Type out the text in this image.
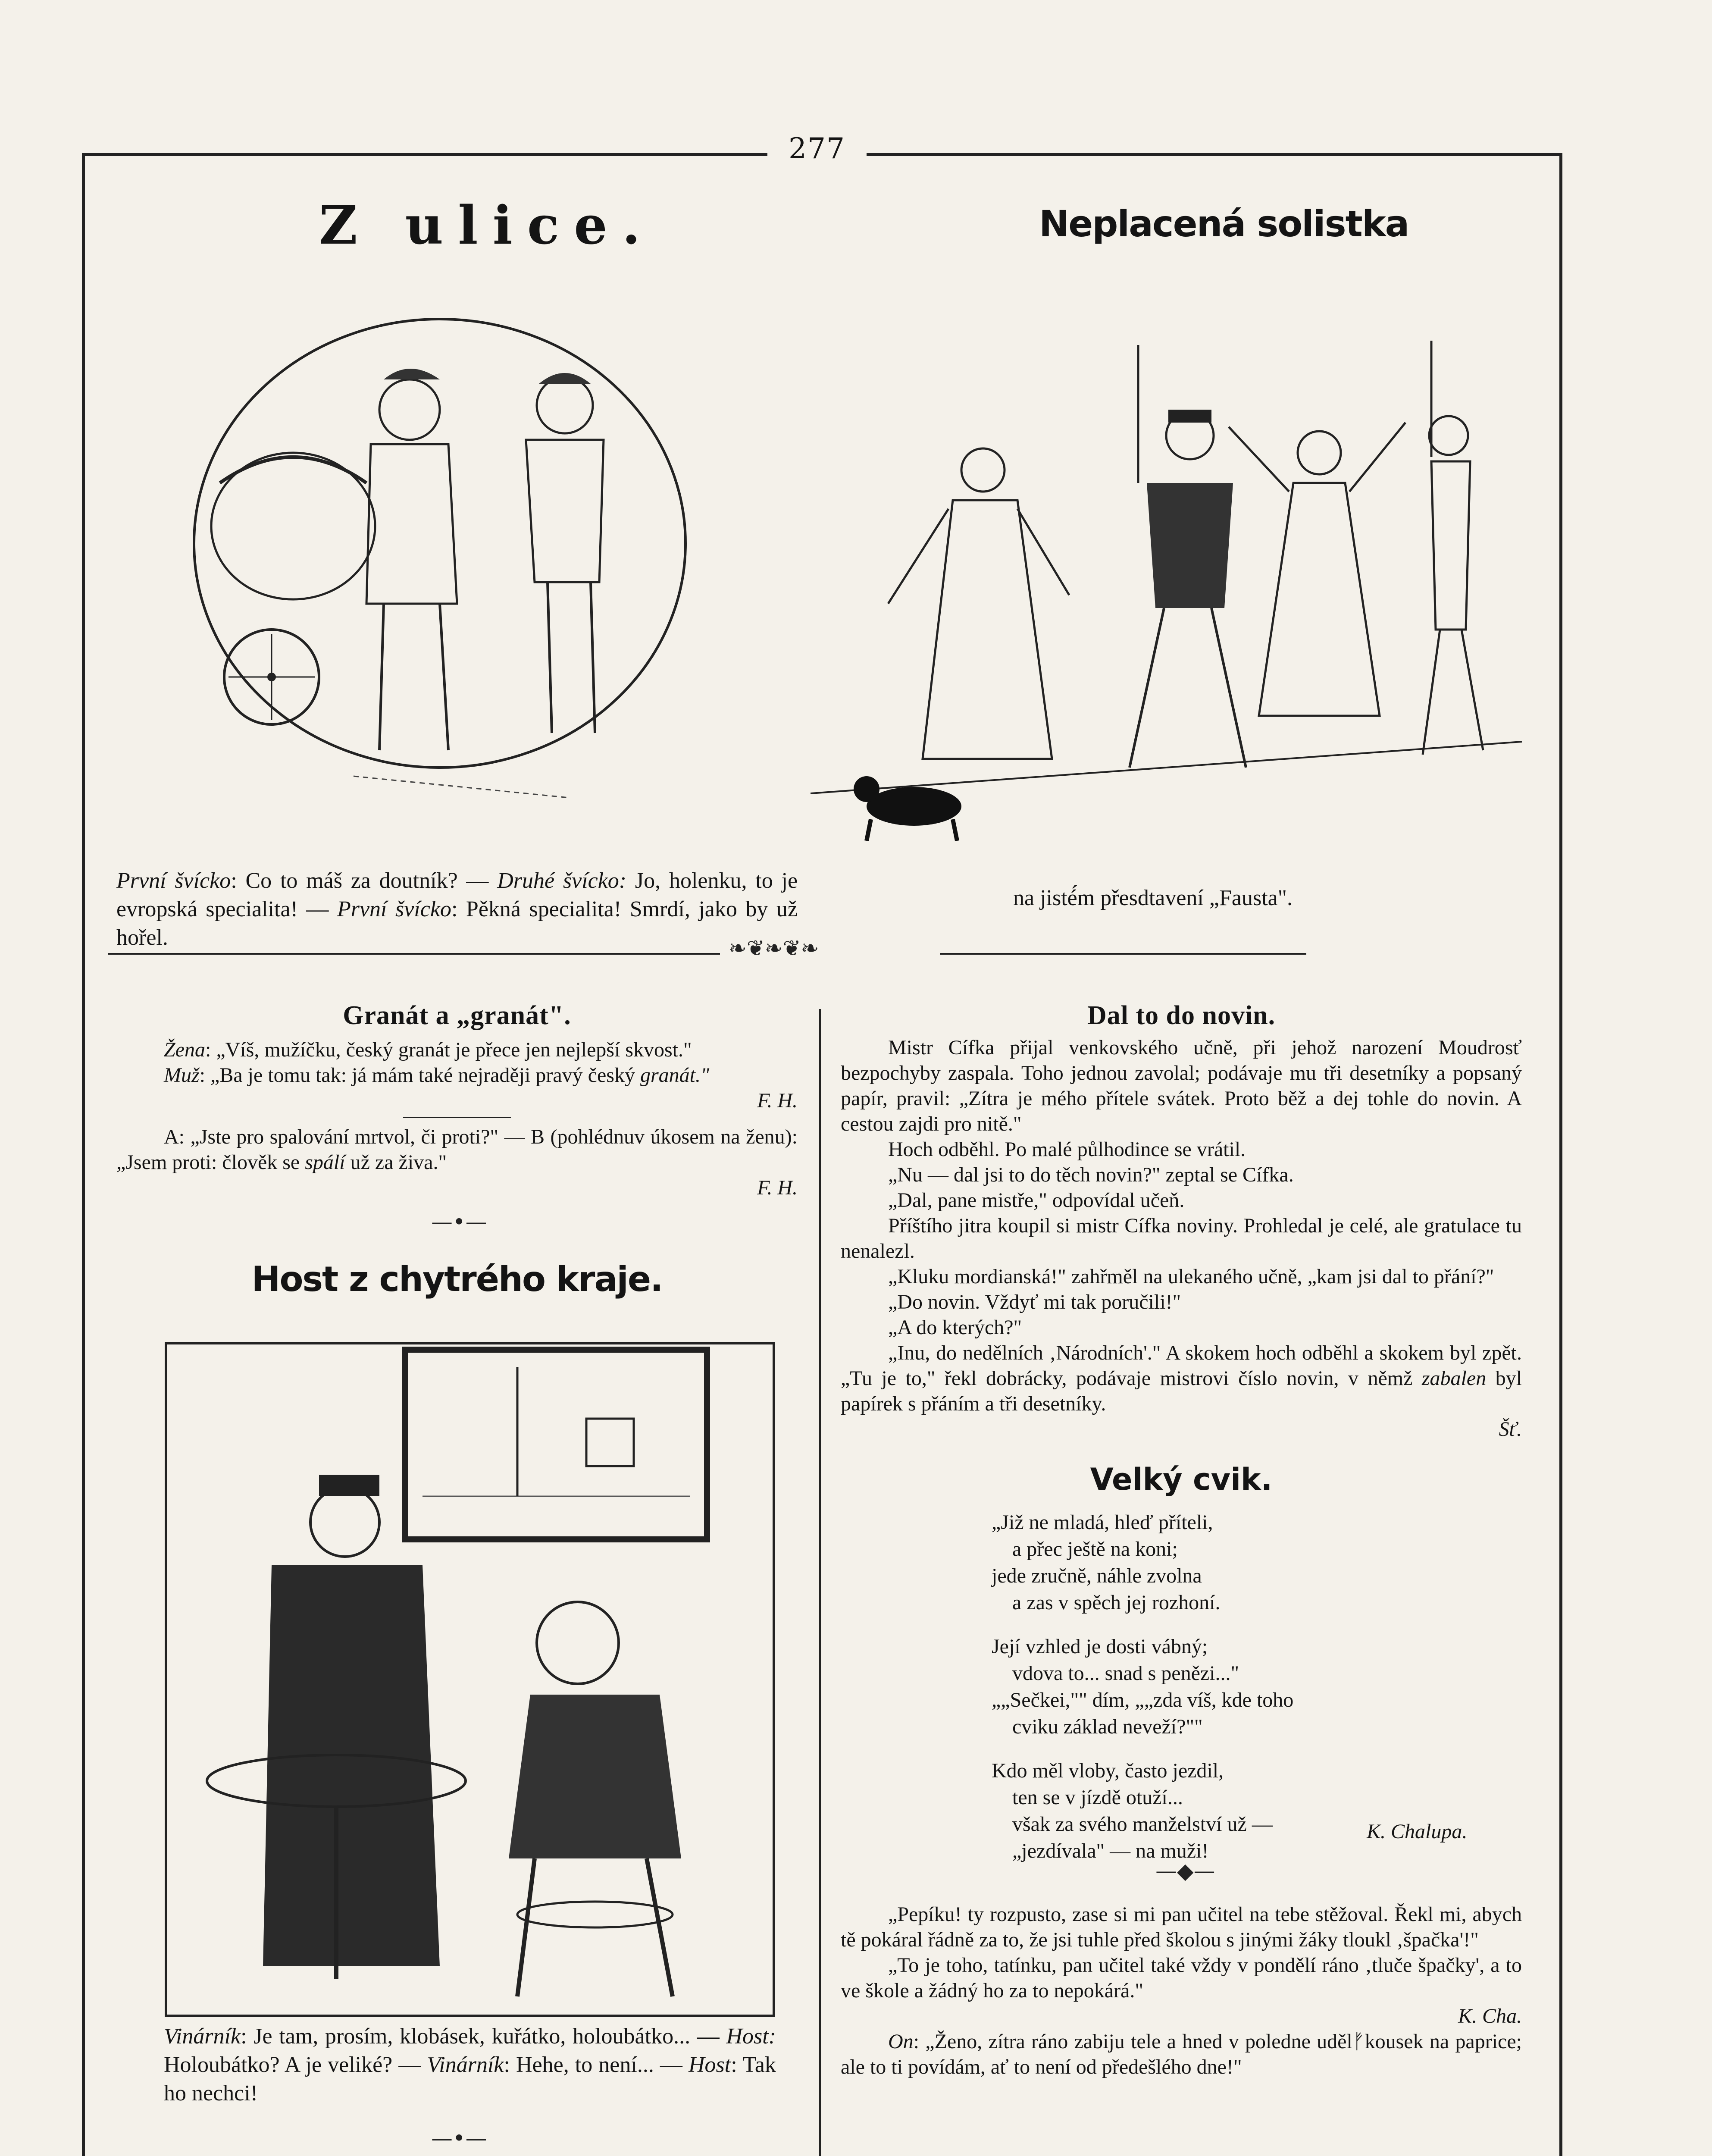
277
Z ulice.
První švícko: Co to máš za doutník? — Druhé švícko: Jo, holenku, to je evropská specialita! — První švícko: Pěkná specialita! Smrdí, jako by už hořel.
Neplacená solistka
na jisté́m přesdtavení „Fausta".
❧❦❧❦❧
Granát a „granát".

Žena: „Víš, mužíčku, český granát je přece jen nejlepší skvost."

Muž: „Ba je tomu tak: já mám také nejraději pravý český granát."

F. H.

A: „Jste pro spalování mrtvol, či proti?" — B (pohlédnuv úkosem na ženu): „Jsem proti: člověk se spálí už za živa."

F. H.

—•—
Host z chytrého kraje.
Vinárník: Je tam, prosím, klobásek, kuřátko, holoubátko... — Host: Holoubátko? A je veliké? — Vinárník: Hehe, to není... — Host: Tak ho nechci!
—•—
Dal to do novin.

Mistr Cífka přijal venkovského učně, při jehož narození Moudrosť bezpochyby zaspala. Toho jednou zavolal; podávaje mu tři desetníky a popsaný papír, pravil: „Zítra je mého přítele svátek. Proto běž a dej tohle do novin. A cestou zajdi pro nitě."

Hoch odběhl. Po malé půlhodince se vrátil.

„Nu — dal jsi to do těch novin?" zeptal se Cífka.

„Dal, pane mistře," odpovídal učeň.

Příštího jitra koupil si mistr Cífka noviny. Prohledal je celé, ale gratulace tu nenalezl.

„Kluku mordianská!" zahřměl na ulekaného učně, „kam jsi dal to přání?"

„Do novin. Vždyť mi tak poručili!"

„A do kterých?"

„Inu, do nedělních ‚Národních'." A skokem hoch odběhl a skokem byl zpět. „Tu je to," řekl dobrácky, podávaje mistrovi číslo novin, v němž zabalen byl papírek s přáním a tři desetníky.

Šť.

Velký cvik.
„Již ne mladá, hleď příteli,
a přec ještě na koni;
jede zručně, náhle zvolna
a zas v spěch jej rozhoní.
Její vzhled je dosti vábný;
vdova to... snad s penězi..."
„„Sečkei,"" dím, „„zda víš, kde toho
cviku základ neveží?""
Kdo měl vloby, často jezdil,
ten se v jízdě otuží...
však za svého manželství už —
„jezdívala" — na muži!
K. Chalupa.
—◆—

„Pepíku! ty rozpusto, zase si mi pan učitel na tebe stěžoval. Řekl mi, abych tě pokáral řádně za to, že jsi tuhle před školou s jinými žáky tloukl ‚špačka'!"

„To je toho, tatínku, pan učitel také vždy v pondělí ráno ‚tluče špačky', a to ve škole a žádný ho za to nepokárá."

K. Cha.

On: „Ženo, zítra ráno zabiju tele a hned v poledne udělᚠkousek na paprice; ale to ti povídám, ať to není od předešlého dne!"
